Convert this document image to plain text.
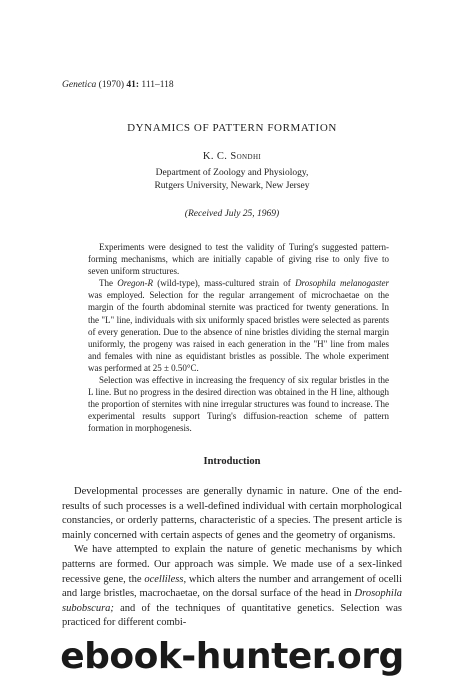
Genetica (1970) 41: 111–118
DYNAMICS OF PATTERN FORMATION
K. C. Sondhi
Department of Zoology and Physiology,
Rutgers University, Newark, New Jersey
(Received July 25, 1969)

Experiments were designed to test the validity of Turing's suggested pattern-forming mechanisms, which are initially capable of giving rise to only five to seven uniform structures.

The Oregon-R (wild-type), mass-cultured strain of Drosophila melanogaster was employed. Selection for the regular arrangement of microchaetae on the margin of the fourth abdominal sternite was practiced for twenty generations. In the "L" line, individuals with six uniformly spaced bristles were selected as parents of every generation. Due to the absence of nine bristles dividing the sternal margin uniformly, the progeny was raised in each generation in the "H" line from males and females with nine as equidistant bristles as possible. The whole experiment was performed at 25 ± 0.50°C.

Selection was effective in increasing the frequency of six regular bristles in the L line. But no progress in the desired direction was obtained in the H line, although the proportion of sternites with nine irregular structures was found to increase. The experimental results support Turing's diffusion-reaction scheme of pattern formation in morphogenesis.

Introduction

Developmental processes are generally dynamic in nature. One of the end-results of such processes is a well-defined individual with certain morphological constancies, or orderly patterns, characteristic of a species. The present article is mainly concerned with certain aspects of genes and the geometry of organisms.

We have attempted to explain the nature of genetic mechanisms by which patterns are formed. Our approach was simple. We made use of a sex-linked recessive gene, the ocelliless, which alters the number and arrangement of ocelli and large bristles, macrochaetae, on the dorsal surface of the head in Drosophila subobscura; and of the techniques of quantitative genetics. Selection was practiced for different combi-

ebook-hunter.org
